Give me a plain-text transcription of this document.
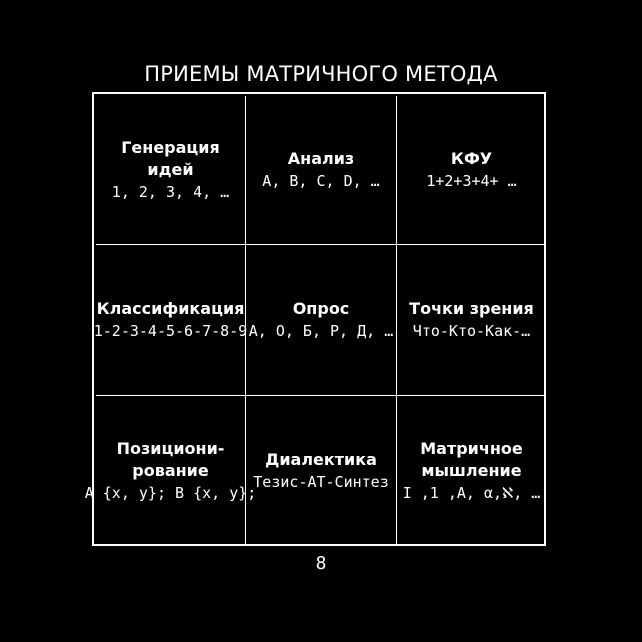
ПРИЕМЫ МАТРИЧНОГО МЕТОДА
Генерация
идей
1, 2, 3, 4, …
Анализ
А, В, С, D, …
КФУ
1+2+3+4+ …
Классификация
1-2-3-4-5-6-7-8-9
Опрос
А, О, Б, Р, Д, …
Точки зрения
Что-Кто-Как-…
Позициони-
рование
А {х, у}; В {х, у};
Диалектика
Тезис-АТ-Синтез
Матричное
мышление
I ,1 ,A, α,ℵ, …
8
